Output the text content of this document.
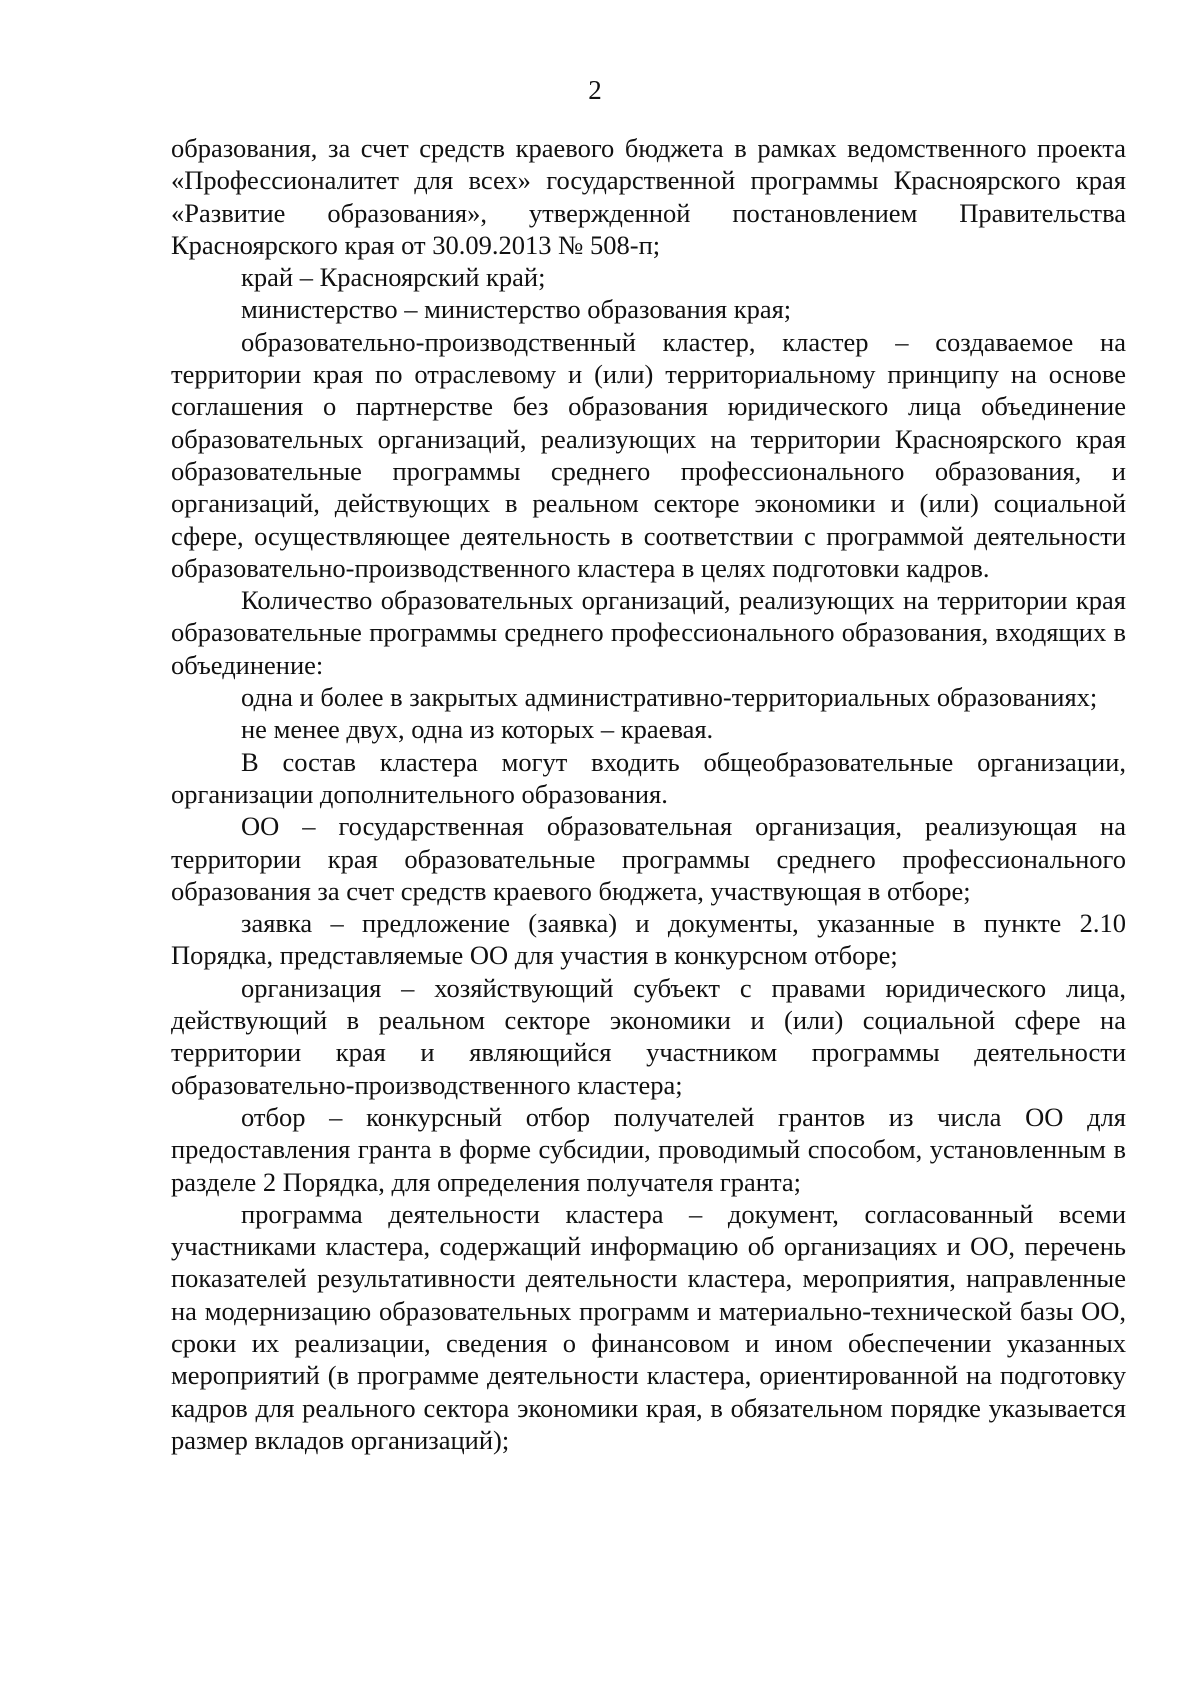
2

образования, за счет средств краевого бюджета в рамках ведомственного проекта «Профессионалитет для всех» государственной программы Красноярского края «Развитие образования», утвержденной постановлением Правительства Красноярского края от 30.09.2013 № 508-п;

край – Красноярский край;

министерство – министерство образования края;

образовательно-производственный кластер, кластер – создаваемое на территории края по отраслевому и (или) территориальному принципу на основе соглашения о партнерстве без образования юридического лица объединение образовательных организаций, реализующих на территории Красноярского края образовательные программы среднего профессионального образования, и организаций, действующих в реальном секторе экономики и (или) социальной сфере, осуществляющее деятельность в соответствии с программой деятельности образовательно-производственного кластера в целях подготовки кадров.

Количество образовательных организаций, реализующих на территории края образовательные программы среднего профессионального образования, входящих в объединение:

одна и более в закрытых административно-территориальных образованиях;

не менее двух, одна из которых – краевая.

В состав кластера могут входить общеобразовательные организации, организации дополнительного образования.

ОО – государственная образовательная организация, реализующая на территории края образовательные программы среднего профессионального образования за счет средств краевого бюджета, участвующая в отборе;

заявка – предложение (заявка) и документы, указанные в пункте 2.10 Порядка, представляемые ОО для участия в конкурсном отборе;

организация – хозяйствующий субъект с правами юридического лица, действующий в реальном секторе экономики и (или) социальной сфере на территории края и являющийся участником программы деятельности образовательно-производственного кластера;

отбор – конкурсный отбор получателей грантов из числа ОО для предоставления гранта в форме субсидии, проводимый способом, установленным в разделе 2 Порядка, для определения получателя гранта;

программа деятельности кластера – документ, согласованный всеми участниками кластера, содержащий информацию об организациях и ОО, перечень показателей результативности деятельности кластера, мероприятия, направленные на модернизацию образовательных программ и материально-технической базы ОО, сроки их реализации, сведения о финансовом и ином обеспечении указанных мероприятий (в программе деятельности кластера, ориентированной на подготовку кадров для реального сектора экономики края, в обязательном порядке указывается размер вкладов организаций);
